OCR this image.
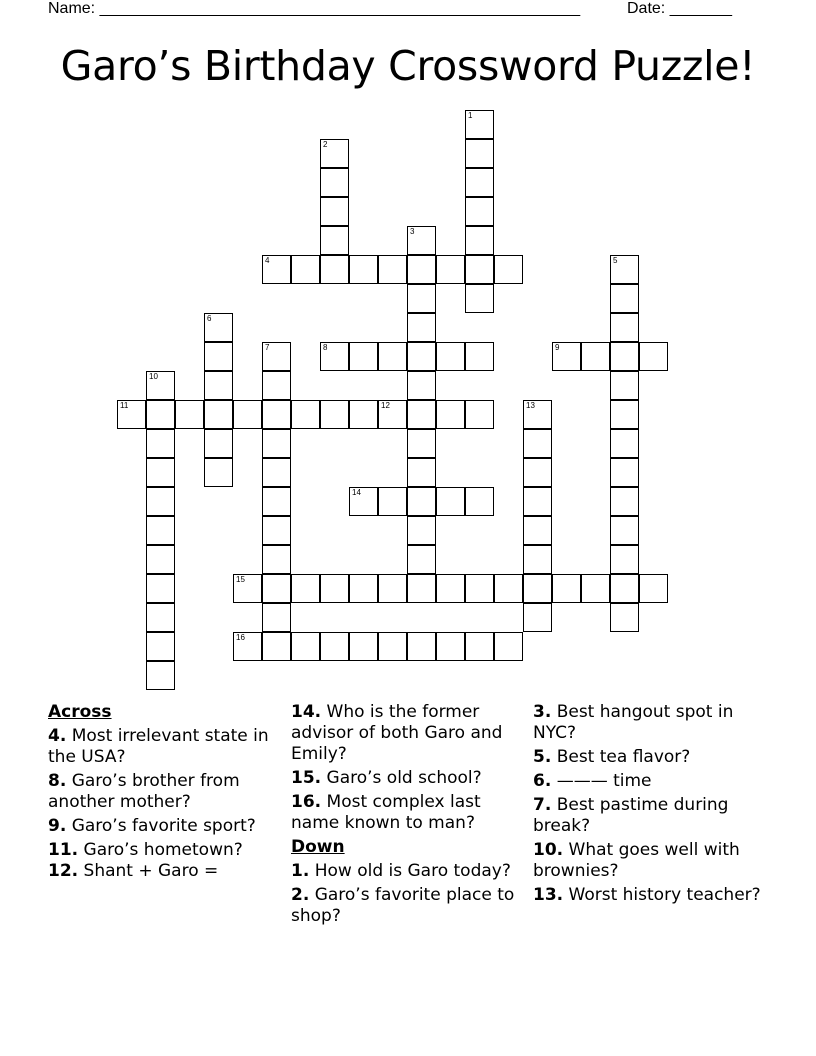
Name: ______________________________________________________	Date: _______
Garo’s Birthday Crossword Puzzle!
1
2
3
4	5
6
7	8	9
10
11	12	13
14
15
16
Across
4. Most irrelevant state in the USA?
8. Garo’s brother from another mother?
9. Garo’s favorite sport?
11. Garo’s hometown?
12. Shant + Garo =
14. Who is the former advisor of both Garo and Emily?
15. Garo’s old school?
16. Most complex last name known to man?
Down
1. How old is Garo today?
2. Garo’s favorite place to shop?
3. Best hangout spot in NYC?
5. Best tea flavor?
6. ——— time
7. Best pastime during break?
10. What goes well with brownies?
13. Worst history teacher?
